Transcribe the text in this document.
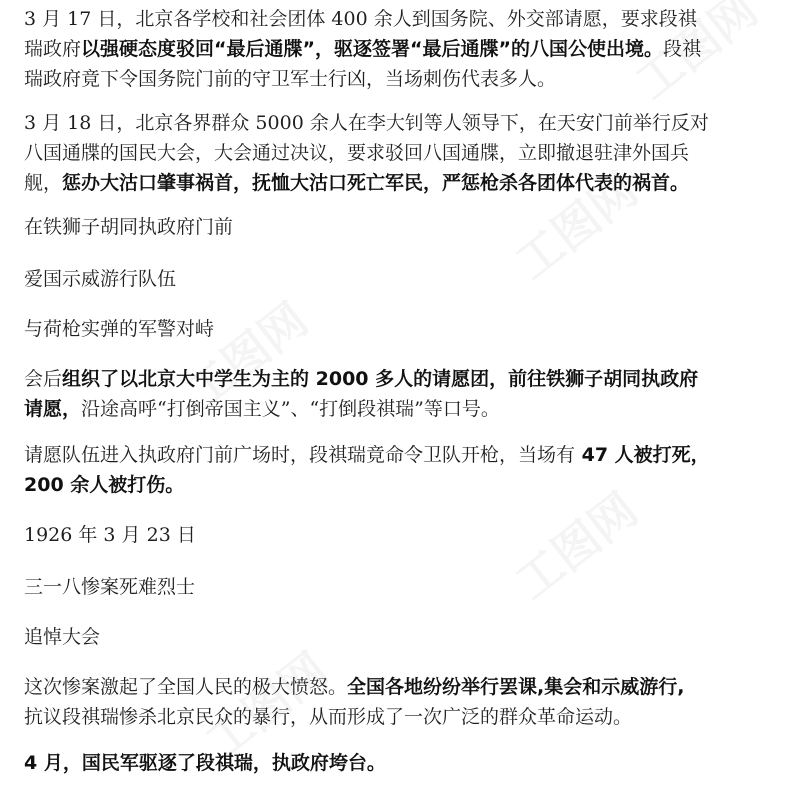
3 月 17 日，北京各学校和社会团体 400 余人到国务院、外交部请愿，要求段祺
瑞政府以强硬态度驳回“最后通牒”，驱逐签署“最后通牒”的八国公使出境。段祺
瑞政府竟下令国务院门前的守卫军士行凶，当场刺伤代表多人。
3 月 18 日，北京各界群众 5000 余人在李大钊等人领导下，在天安门前举行反对
八国通牒的国民大会，大会通过决议，要求驳回八国通牒，立即撤退驻津外国兵
舰，惩办大沽口肇事祸首，抚恤大沽口死亡军民，严惩枪杀各团体代表的祸首。
在铁狮子胡同执政府门前
爱国示威游行队伍
与荷枪实弹的军警对峙
会后组织了以北京大中学生为主的 2000 多人的请愿团，前往铁狮子胡同执政府
请愿，沿途高呼“打倒帝国主义”、“打倒段祺瑞”等口号。
请愿队伍进入执政府门前广场时，段祺瑞竟命令卫队开枪，当场有 47 人被打死，
200 余人被打伤。
1926 年 3 月 23 日
三一八惨案死难烈士
追悼大会
这次惨案激起了全国人民的极大愤怒。全国各地纷纷举行罢课,集会和示威游行,
抗议段祺瑞惨杀北京民众的暴行，从而形成了一次广泛的群众革命运动。
4 月，国民军驱逐了段祺瑞，执政府垮台。
